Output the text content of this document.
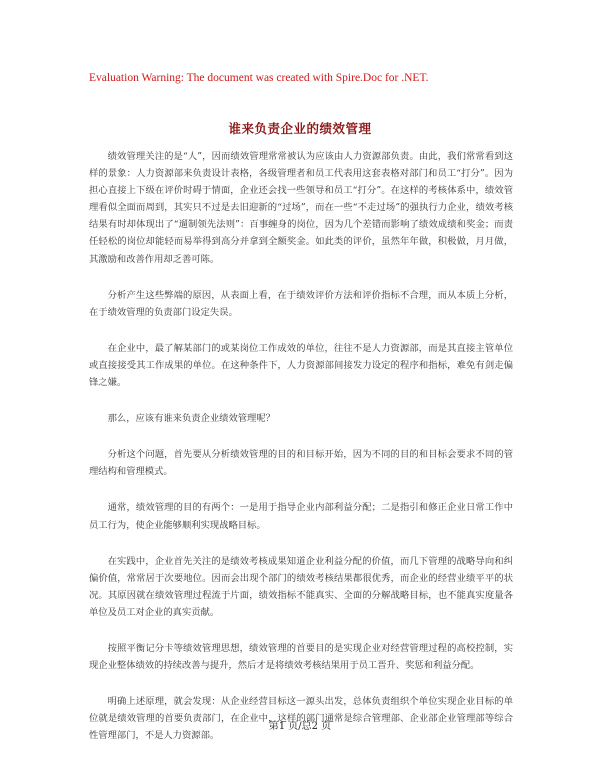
Evaluation Warning: The document was created with Spire.Doc for .NET.
谁来负责企业的绩效管理

绩效管理关注的是“人”，因而绩效管理常常被认为应该由人力资源部负责。由此，我们常常看到这样的景象：人力资源部来负责设计表格，各级管理者和员工代表用这套表格对部门和员工“打分”。因为担心直接上下级在评价时碍于情面，企业还会找一些领导和员工“打分”。在这样的考核体系中，绩效管理看似全面而周到，其实只不过是去旧迎新的“过场”，而在一些“不走过场”的强执行力企业，绩效考核结果有时却体现出了“遛制领先法则”：百事缠身的岗位，因为几个差错而影响了绩效成绩和奖金；而责任轻松的岗位却能轻而易举得到高分并拿到全额奖金。如此类的评价，虽然年年做，积极做，月月做，其激励和改善作用却乏善可陈。

分析产生这些弊端的原因，从表面上看，在于绩效评价方法和评价指标不合理，而从本质上分析，在于绩效管理的负责部门设定失误。

在企业中，最了解某部门的或某岗位工作成效的单位，往往不是人力资源部，而是其直接主管单位或直接接受其工作成果的单位。在这种条件下，人力资源部间接发力设定的程序和指标，难免有剑走偏锋之嫌。

那么，应该有谁来负责企业绩效管理呢？

分析这个问题，首先要从分析绩效管理的目的和目标开始，因为不同的目的和目标会要求不同的管理结构和管理模式。

通常，绩效管理的目的有两个：一是用于指导企业内部利益分配；二是指引和修正企业日常工作中员工行为，使企业能够顺利实现战略目标。

在实践中，企业首先关注的是绩效考核成果知道企业利益分配的价值，而几下管理的战略导向和纠偏价值，常常居于次要地位。因而会出现个部门的绩效考核结果都很优秀，而企业的经营业绩平平的状况。其原因就在绩效管理过程流于片面，绩效指标不能真实、全面的分解战略目标，也不能真实度量各单位及员工对企业的真实贡献。

按照平衡记分卡等绩效管理思想，绩效管理的首要目的是实现企业对经营管理过程的高校控制，实现企业整体绩效的持续改善与提升，然后才是将绩效考核结果用于员工晋升、奖惩和利益分配。

明确上述原理，就会发现：从企业经营目标这一源头出发，总体负责组织个单位实现企业目标的单位就是绩效管理的首要负责部门，在企业中，这样的部门通常是综合管理部、企业部企业管理部等综合性管理部门，不是人力资源部。

第1 页/总2 页
